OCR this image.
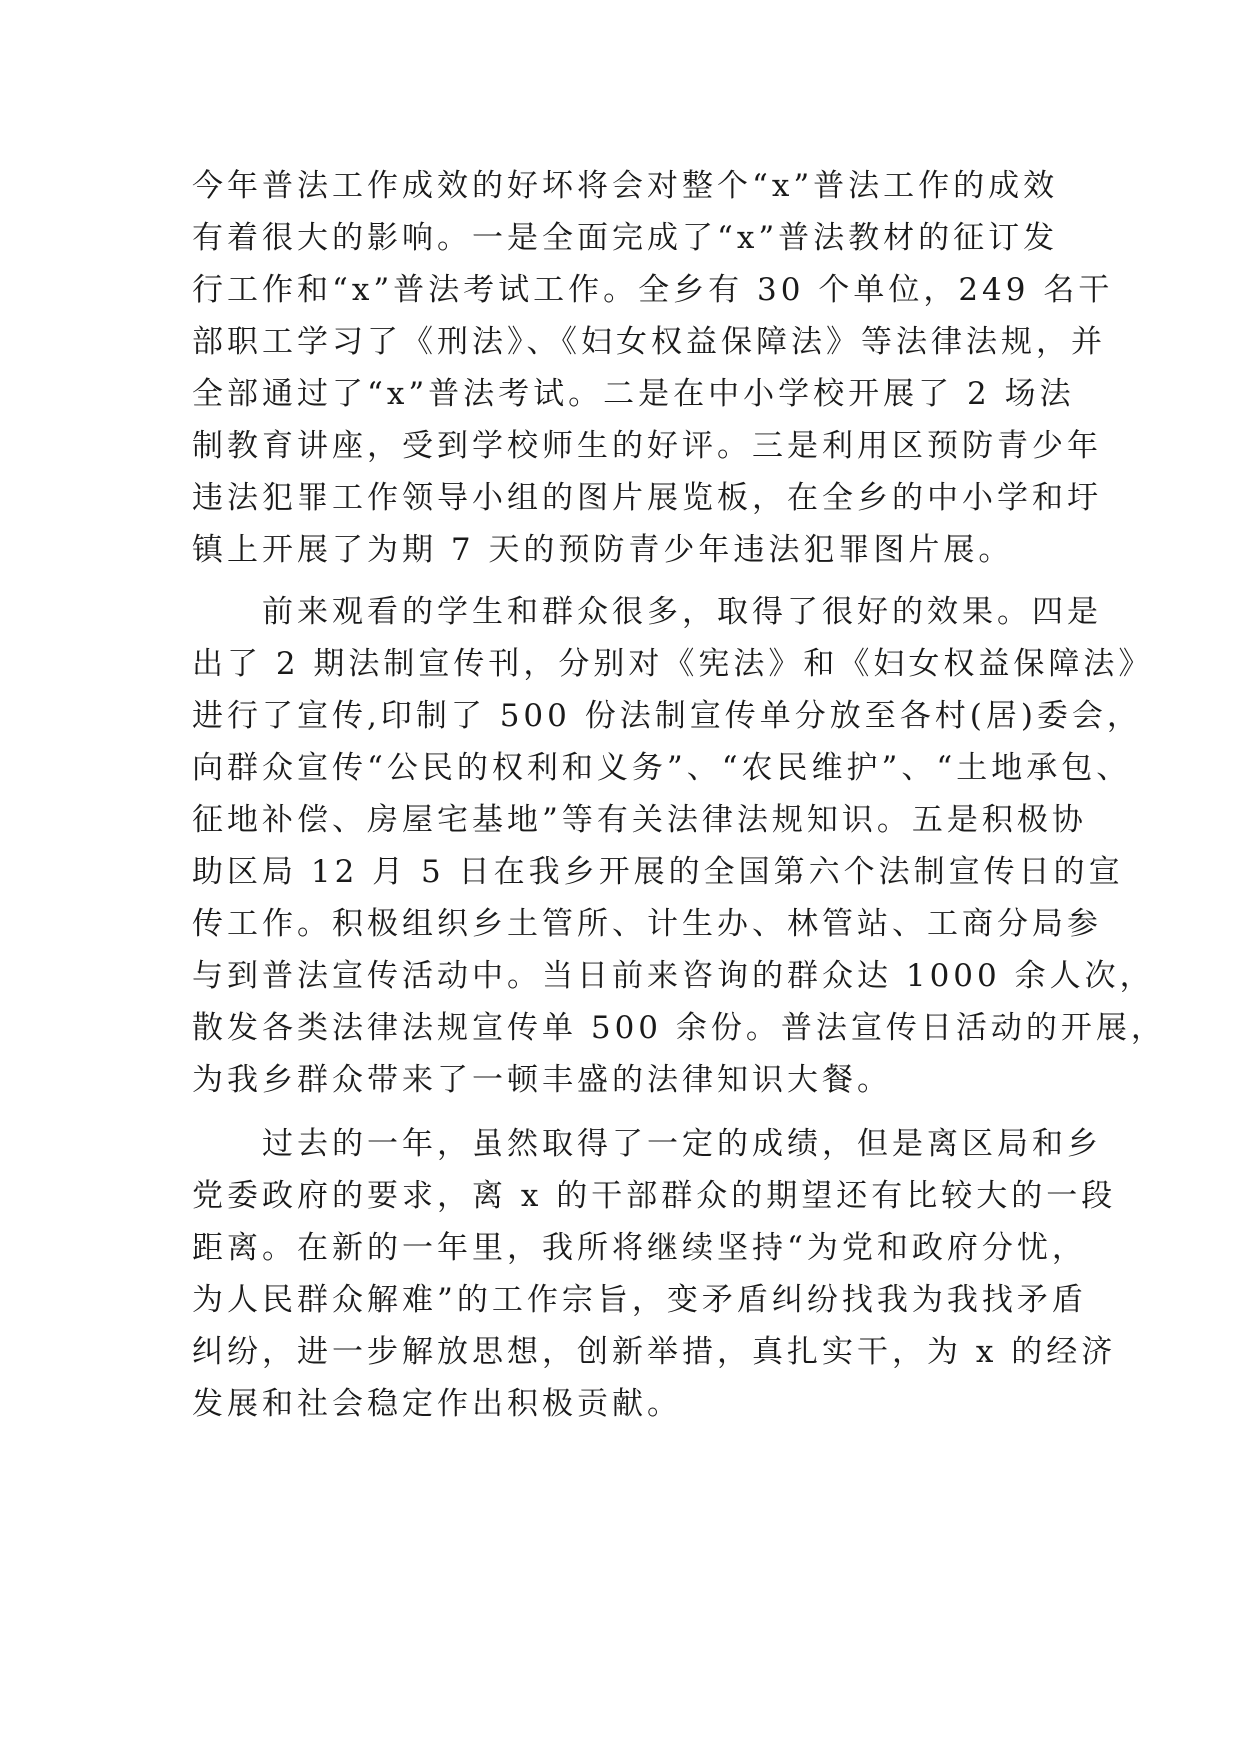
今年普法工作成效的好坏将会对整个“x”普法工作的成效
有着很大的影响。一是全面完成了“x”普法教材的征订发
行工作和“x”普法考试工作。全乡有 30 个单位，249 名干
部职工学习了《刑法》、《妇女权益保障法》等法律法规，并
全部通过了“x”普法考试。二是在中小学校开展了 2 场法
制教育讲座，受到学校师生的好评。三是利用区预防青少年
违法犯罪工作领导小组的图片展览板，在全乡的中小学和圩
镇上开展了为期 7 天的预防青少年违法犯罪图片展。
　　前来观看的学生和群众很多，取得了很好的效果。四是
出了 2 期法制宣传刊，分别对《宪法》和《妇女权益保障法》
进行了宣传,印制了 500 份法制宣传单分放至各村(居)委会，
向群众宣传“公民的权利和义务”、“农民维护”、“土地承包、
征地补偿、房屋宅基地”等有关法律法规知识。五是积极协
助区局 12 月 5 日在我乡开展的全国第六个法制宣传日的宣
传工作。积极组织乡土管所、计生办、林管站、工商分局参
与到普法宣传活动中。当日前来咨询的群众达 1000 余人次，
散发各类法律法规宣传单 500 余份。普法宣传日活动的开展，
为我乡群众带来了一顿丰盛的法律知识大餐。
　　过去的一年，虽然取得了一定的成绩，但是离区局和乡
党委政府的要求，离 x 的干部群众的期望还有比较大的一段
距离。在新的一年里，我所将继续坚持“为党和政府分忧，
为人民群众解难”的工作宗旨，变矛盾纠纷找我为我找矛盾
纠纷，进一步解放思想，创新举措，真扎实干，为 x 的经济
发展和社会稳定作出积极贡献。
